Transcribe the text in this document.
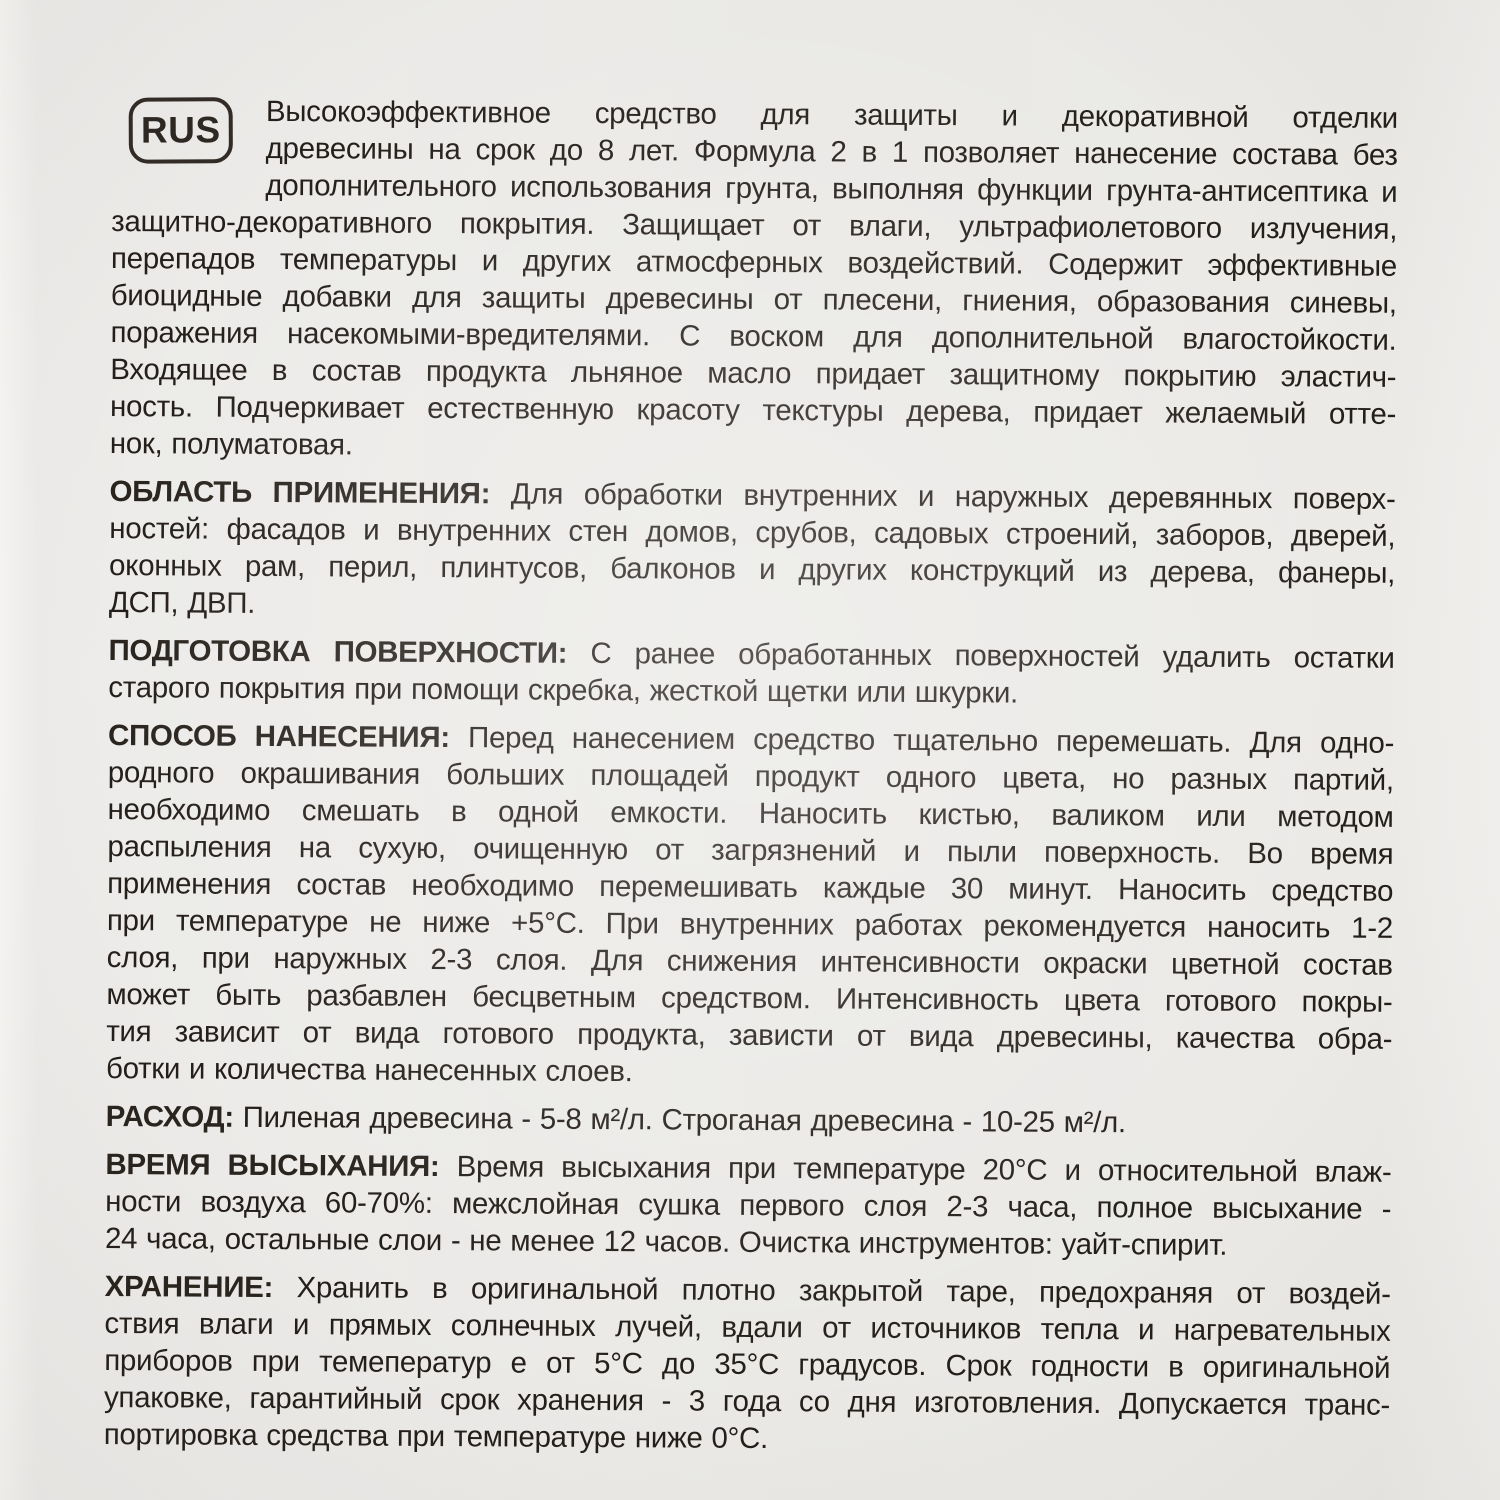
RUS Высокоэффективное средство для защиты и декоративной отделки
древесины на срок до 8 лет. Формула 2 в 1 позволяет нанесение состава без
дополнительного использования грунта, выполняя функции грунта-антисептика и
защитно-декоративного покрытия. Защищает от влаги, ультрафиолетового излучения,
перепадов температуры и других атмосферных воздействий. Содержит эффективные
биоцидные добавки для защиты древесины от плесени, гниения, образования синевы,
поражения насекомыми-вредителями. С воском для дополнительной влагостойкости.
Входящее в состав продукта льняное масло придает защитному покрытию эластич-
ность. Подчеркивает естественную красоту текстуры дерева, придает желаемый отте-
нок, полуматовая.
ОБЛАСТЬ ПРИМЕНЕНИЯ: Для обработки внутренних и наружных деревянных поверх-
ностей: фасадов и внутренних стен домов, срубов, садовых строений, заборов, дверей,
оконных рам, перил, плинтусов, балконов и других конструкций из дерева, фанеры,
ДСП, ДВП.
ПОДГОТОВКА ПОВЕРХНОСТИ: С ранее обработанных поверхностей удалить остатки
старого покрытия при помощи скребка, жесткой щетки или шкурки.
СПОСОБ НАНЕСЕНИЯ: Перед нанесением средство тщательно перемешать. Для одно-
родного окрашивания больших площадей продукт одного цвета, но разных партий,
необходимо смешать в одной емкости. Наносить кистью, валиком или методом
распыления на сухую, очищенную от загрязнений и пыли поверхность. Во время
применения состав необходимо перемешивать каждые 30 минут. Наносить средство
при температуре не ниже +5°С. При внутренних работах рекомендуется наносить 1-2
слоя, при наружных 2-3 слоя. Для снижения интенсивности окраски цветной состав
может быть разбавлен бесцветным средством. Интенсивность цвета готового покры-
тия зависит от вида готового продукта, зависти от вида древесины, качества обра-
ботки и количества нанесенных слоев.
РАСХОД: Пиленая древесина - 5-8 м²/л. Строганая древесина - 10-25 м²/л.
ВРЕМЯ ВЫСЫХАНИЯ: Время высыхания при температуре 20°С и относительной влаж-
ности воздуха 60-70%: межслойная сушка первого слоя 2-3 часа, полное высыхание -
24 часа, остальные слои - не менее 12 часов. Очистка инструментов: уайт-спирит.
ХРАНЕНИЕ: Хранить в оригинальной плотно закрытой таре, предохраняя от воздей-
ствия влаги и прямых солнечных лучей, вдали от источников тепла и нагревательных
приборов при темеператур е от 5°С до 35°С градусов. Срок годности в оригинальной
упаковке, гарантийный срок хранения - 3 года со дня изготовления. Допускается транс-
портировка средства при температуре ниже 0°С.
